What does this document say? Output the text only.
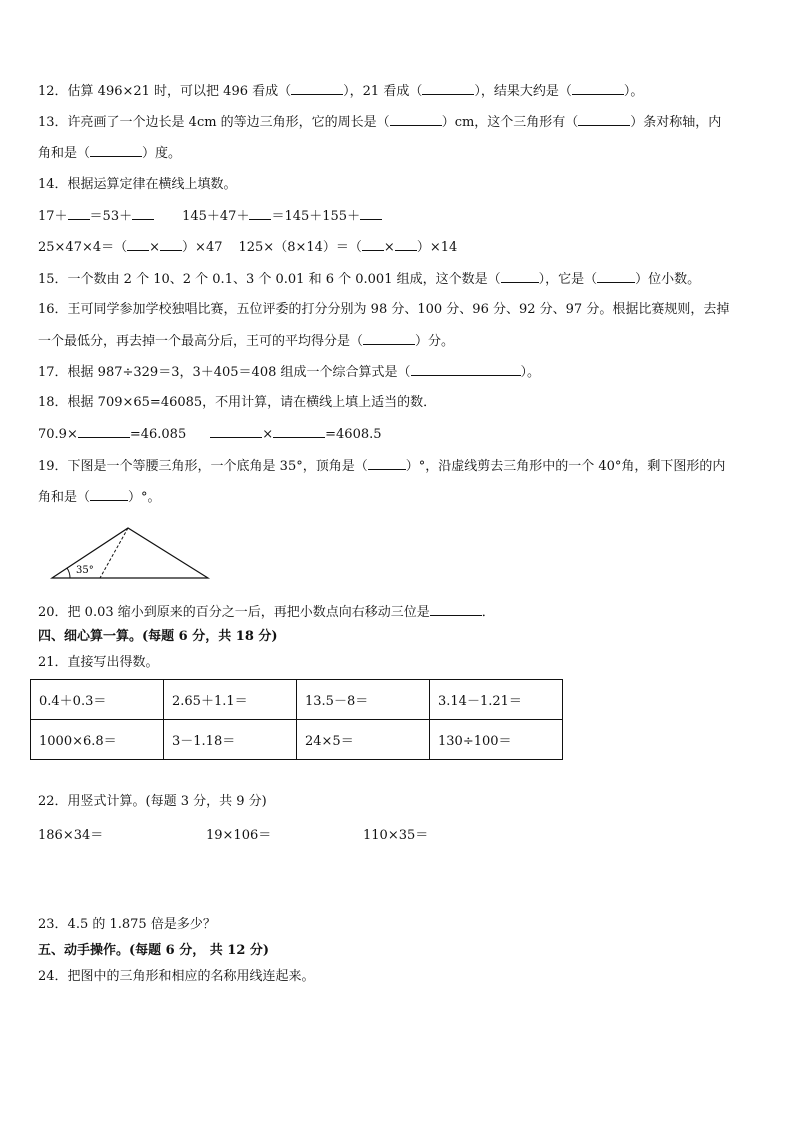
12．估算 496×21 时，可以把 496 看成（	），21 看成（	），结果大约是（	）。
13．许亮画了一个边长是 4cm 的等边三角形，它的周长是（	）cm，这个三角形有（	）条对称轴，内
角和是（	）度。
14．根据运算定律在横线上填数。
17＋ ＝53＋	145＋47＋ ＝145＋155＋
25×47×4＝（ × ）×47 125×（8×14）＝（ × ）×14
15．一个数由 2 个 10、2 个 0.1、3 个 0.01 和 6 个 0.001 组成，这个数是（	），它是（	）位小数。
16．王可同学参加学校独唱比赛，五位评委的打分分别为 98 分、100 分、96 分、92 分、97 分。根据比赛规则，去掉
一个最低分，再去掉一个最高分后，王可的平均得分是（	）分。
17．根据 987÷329＝3，3＋405＝408 组成一个综合算式是（	）。
18．根据 709×65=46085，不用计算，请在横线上填上适当的数．
70.9×	=46.085	×	=4608.5
19．下图是一个等腰三角形，一个底角是 35°，顶角是（	）°，沿虚线剪去三角形中的一个 40°角，剩下图形的内
角和是（	）°。
35°
20．把 0.03 缩小到原来的百分之一后，再把小数点向右移动三位是	．
四、细心算一算。(每题 6 分，共 18 分)
21．直接写出得数。
0.4＋0.3＝	2.65＋1.1＝	13.5－8＝	3.14－1.21＝
1000×6.8＝	3－1.18＝	24×5＝	130÷100＝
22．用竖式计算。(每题 3 分，共 9 分)
186×34＝	19×106＝	110×35＝
23．4.5 的 1.875 倍是多少？
五、动手操作。(每题 6 分， 共 12 分)
24．把图中的三角形和相应的名称用线连起来。
